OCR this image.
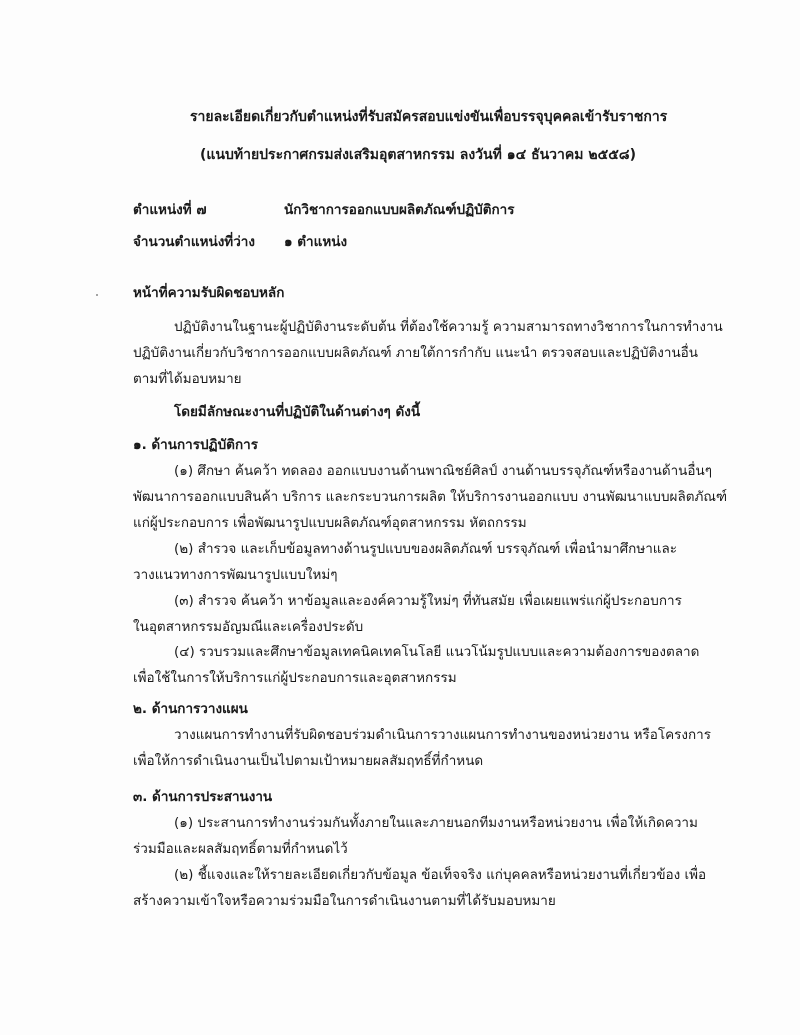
รายละเอียดเกี่ยวกับตำแหน่งที่รับสมัครสอบแข่งขันเพื่อบรรจุบุคคลเข้ารับราชการ
(แนบท้ายประกาศกรมส่งเสริมอุตสาหกรรม ลงวันที่ ๑๔ ธันวาคม ๒๕๕๘)
ตำแหน่งที่ ๗	นักวิชาการออกแบบผลิตภัณฑ์ปฏิบัติการ
จำนวนตำแหน่งที่ว่าง ๑ ตำแหน่ง
หน้าที่ความรับผิดชอบหลัก
ปฏิบัติงานในฐานะผู้ปฏิบัติงานระดับต้น ที่ต้องใช้ความรู้ ความสามารถทางวิชาการในการทำงาน
ปฏิบัติงานเกี่ยวกับวิชาการออกแบบผลิตภัณฑ์ ภายใต้การกำกับ แนะนำ ตรวจสอบและปฏิบัติงานอื่น
ตามที่ได้มอบหมาย
โดยมีลักษณะงานที่ปฏิบัติในด้านต่างๆ ดังนี้
๑. ด้านการปฏิบัติการ
(๑) ศึกษา ค้นคว้า ทดลอง ออกแบบงานด้านพาณิชย์ศิลป์ งานด้านบรรจุภัณฑ์หรืองานด้านอื่นๆ
พัฒนาการออกแบบสินค้า บริการ และกระบวนการผลิต ให้บริการงานออกแบบ งานพัฒนาแบบผลิตภัณฑ์
แก่ผู้ประกอบการ เพื่อพัฒนารูปแบบผลิตภัณฑ์อุตสาหกรรม หัตถกรรม
(๒) สำรวจ และเก็บข้อมูลทางด้านรูปแบบของผลิตภัณฑ์ บรรจุภัณฑ์ เพื่อนำมาศึกษาและ
วางแนวทางการพัฒนารูปแบบใหม่ๆ
(๓) สำรวจ ค้นคว้า หาข้อมูลและองค์ความรู้ใหม่ๆ ที่ทันสมัย เพื่อเผยแพร่แก่ผู้ประกอบการ
ในอุตสาหกรรมอัญมณีและเครื่องประดับ
(๔) รวบรวมและศึกษาข้อมูลเทคนิคเทคโนโลยี แนวโน้มรูปแบบและความต้องการของตลาด
เพื่อใช้ในการให้บริการแก่ผู้ประกอบการและอุตสาหกรรม
๒. ด้านการวางแผน
วางแผนการทำงานที่รับผิดชอบร่วมดำเนินการวางแผนการทำงานของหน่วยงาน หรือโครงการ
เพื่อให้การดำเนินงานเป็นไปตามเป้าหมายผลสัมฤทธิ์ที่กำหนด
๓. ด้านการประสานงาน
(๑) ประสานการทำงานร่วมกันทั้งภายในและภายนอกทีมงานหรือหน่วยงาน เพื่อให้เกิดความ
ร่วมมือและผลสัมฤทธิ์ตามที่กำหนดไว้
(๒) ชี้แจงและให้รายละเอียดเกี่ยวกับข้อมูล ข้อเท็จจริง แก่บุคคลหรือหน่วยงานที่เกี่ยวข้อง เพื่อ
สร้างความเข้าใจหรือความร่วมมือในการดำเนินงานตามที่ได้รับมอบหมาย
